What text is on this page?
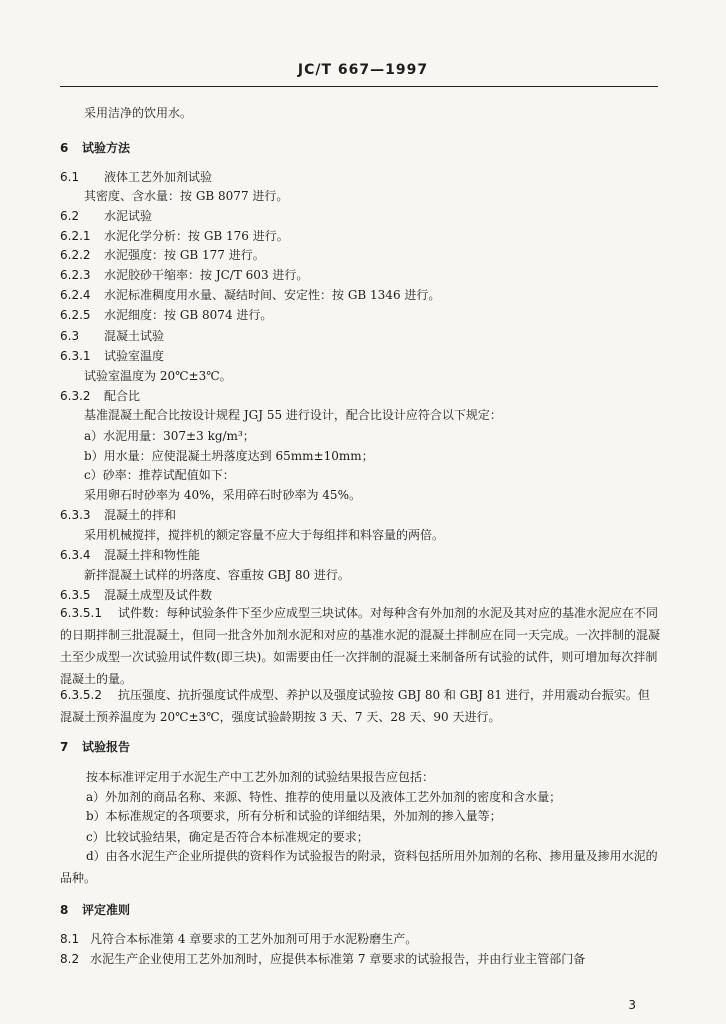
JC/T 667—1997
采用洁净的饮用水。
6 试验方法
6.1 液体工艺外加剂试验
其密度、含水量：按 GB 8077 进行。
6.2 水泥试验
6.2.1 水泥化学分析：按 GB 176 进行。
6.2.2 水泥强度：按 GB 177 进行。
6.2.3 水泥胶砂干缩率：按 JC/T 603 进行。
6.2.4 水泥标准稠度用水量、凝结时间、安定性：按 GB 1346 进行。
6.2.5 水泥细度：按 GB 8074 进行。
6.3 混凝土试验
6.3.1 试验室温度
试验室温度为 20℃±3℃。
6.3.2 配合比
基准混凝土配合比按设计规程 JGJ 55 进行设计，配合比设计应符合以下规定：
a）水泥用量：307±3 kg/m³；
b）用水量：应使混凝土坍落度达到 65mm±10mm；
c）砂率：推荐试配值如下：
采用卵石时砂率为 40%，采用碎石时砂率为 45%。
6.3.3 混凝土的拌和
采用机械搅拌，搅拌机的额定容量不应大于每组拌和料容量的两倍。
6.3.4 混凝土拌和物性能
新拌混凝土试样的坍落度、容重按 GBJ 80 进行。
6.3.5 混凝土成型及试件数
6.3.5.1 试件数：每种试验条件下至少应成型三块试体。对每种含有外加剂的水泥及其对应的基准水泥应在不同的日期拌制三批混凝土，但同一批含外加剂水泥和对应的基准水泥的混凝土拌制应在同一天完成。一次拌制的混凝土至少成型一次试验用试件数(即三块)。如需要由任一次拌制的混凝土来制备所有试验的试件，则可增加每次拌制混凝土的量。
6.3.5.2 抗压强度、抗折强度试件成型、养护以及强度试验按 GBJ 80 和 GBJ 81 进行，并用震动台振实。但混凝土预养温度为 20℃±3℃，强度试验龄期按 3 天、7 天、28 天、90 天进行。
7 试验报告
按本标准评定用于水泥生产中工艺外加剂的试验结果报告应包括：
a）外加剂的商品名称、来源、特性、推荐的使用量以及液体工艺外加剂的密度和含水量；
b）本标准规定的各项要求，所有分析和试验的详细结果，外加剂的掺入量等；
c）比较试验结果，确定是否符合本标准规定的要求；
d）由各水泥生产企业所提供的资料作为试验报告的附录，资料包括所用外加剂的名称、掺用量及掺用水泥的品种。
8 评定准则
8.1 凡符合本标准第 4 章要求的工艺外加剂可用于水泥粉磨生产。
8.2 水泥生产企业使用工艺外加剂时，应提供本标准第 7 章要求的试验报告，并由行业主管部门备
3
